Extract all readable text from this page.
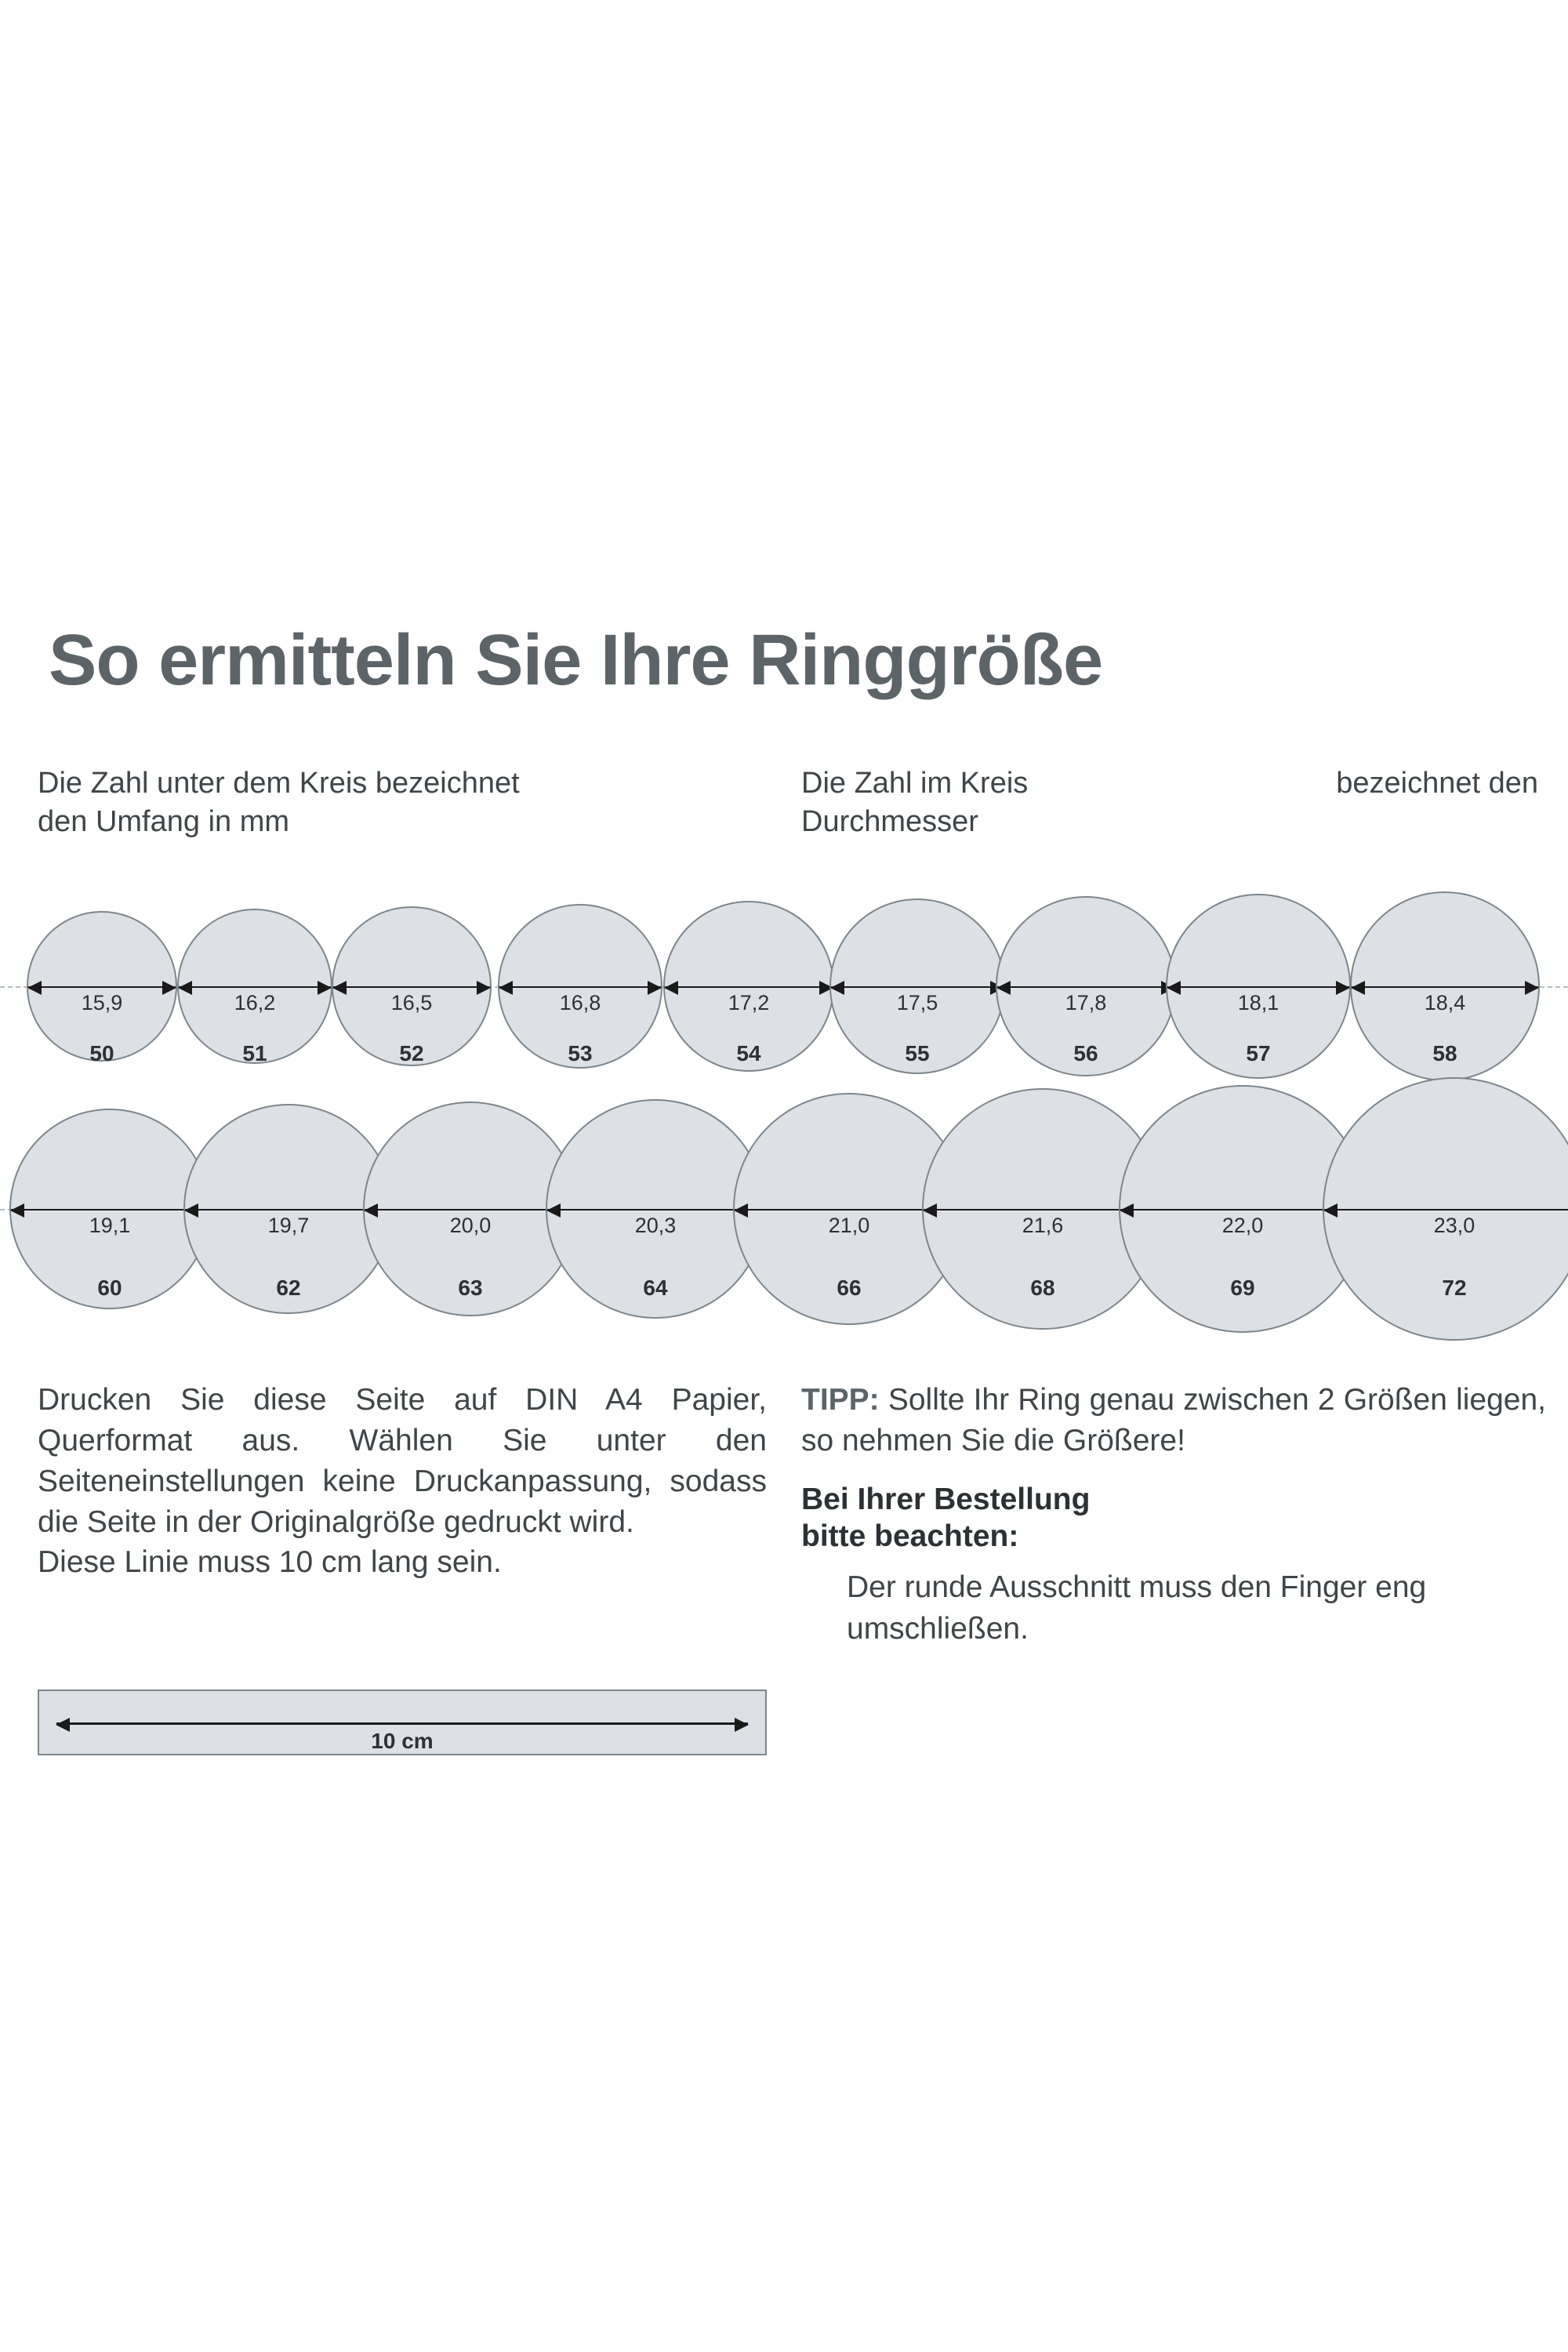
So ermitteln Sie Ihre Ringgröße
Die Zahl unter dem Kreis bezeichnet
den Umfang in mm
Die Zahl im Kreis	bezeichnet den
Durchmesser
15,9
50
16,2
51
16,5
52
16,8
53
17,2
54
17,5
55
17,8
56
18,1
57
18,4
58
19,1
60
19,7
62
20,0
63
20,3
64
21,0
66
21,6
68
22,0
69
23,0
72
Drucken Sie diese Seite auf DIN A4 Papier, Querformat aus. Wählen Sie unter den Seiteneinstellungen keine Druckanpassung, sodass die Seite in der Originalgröße gedruckt wird.
Diese Linie muss 10 cm lang sein.
10 cm
TIPP: Sollte Ihr Ring genau zwischen 2 Größen liegen, so nehmen Sie die Größere!
Bei Ihrer Bestellung
bitte beachten:
Der runde Ausschnitt muss den Finger eng umschließen.
